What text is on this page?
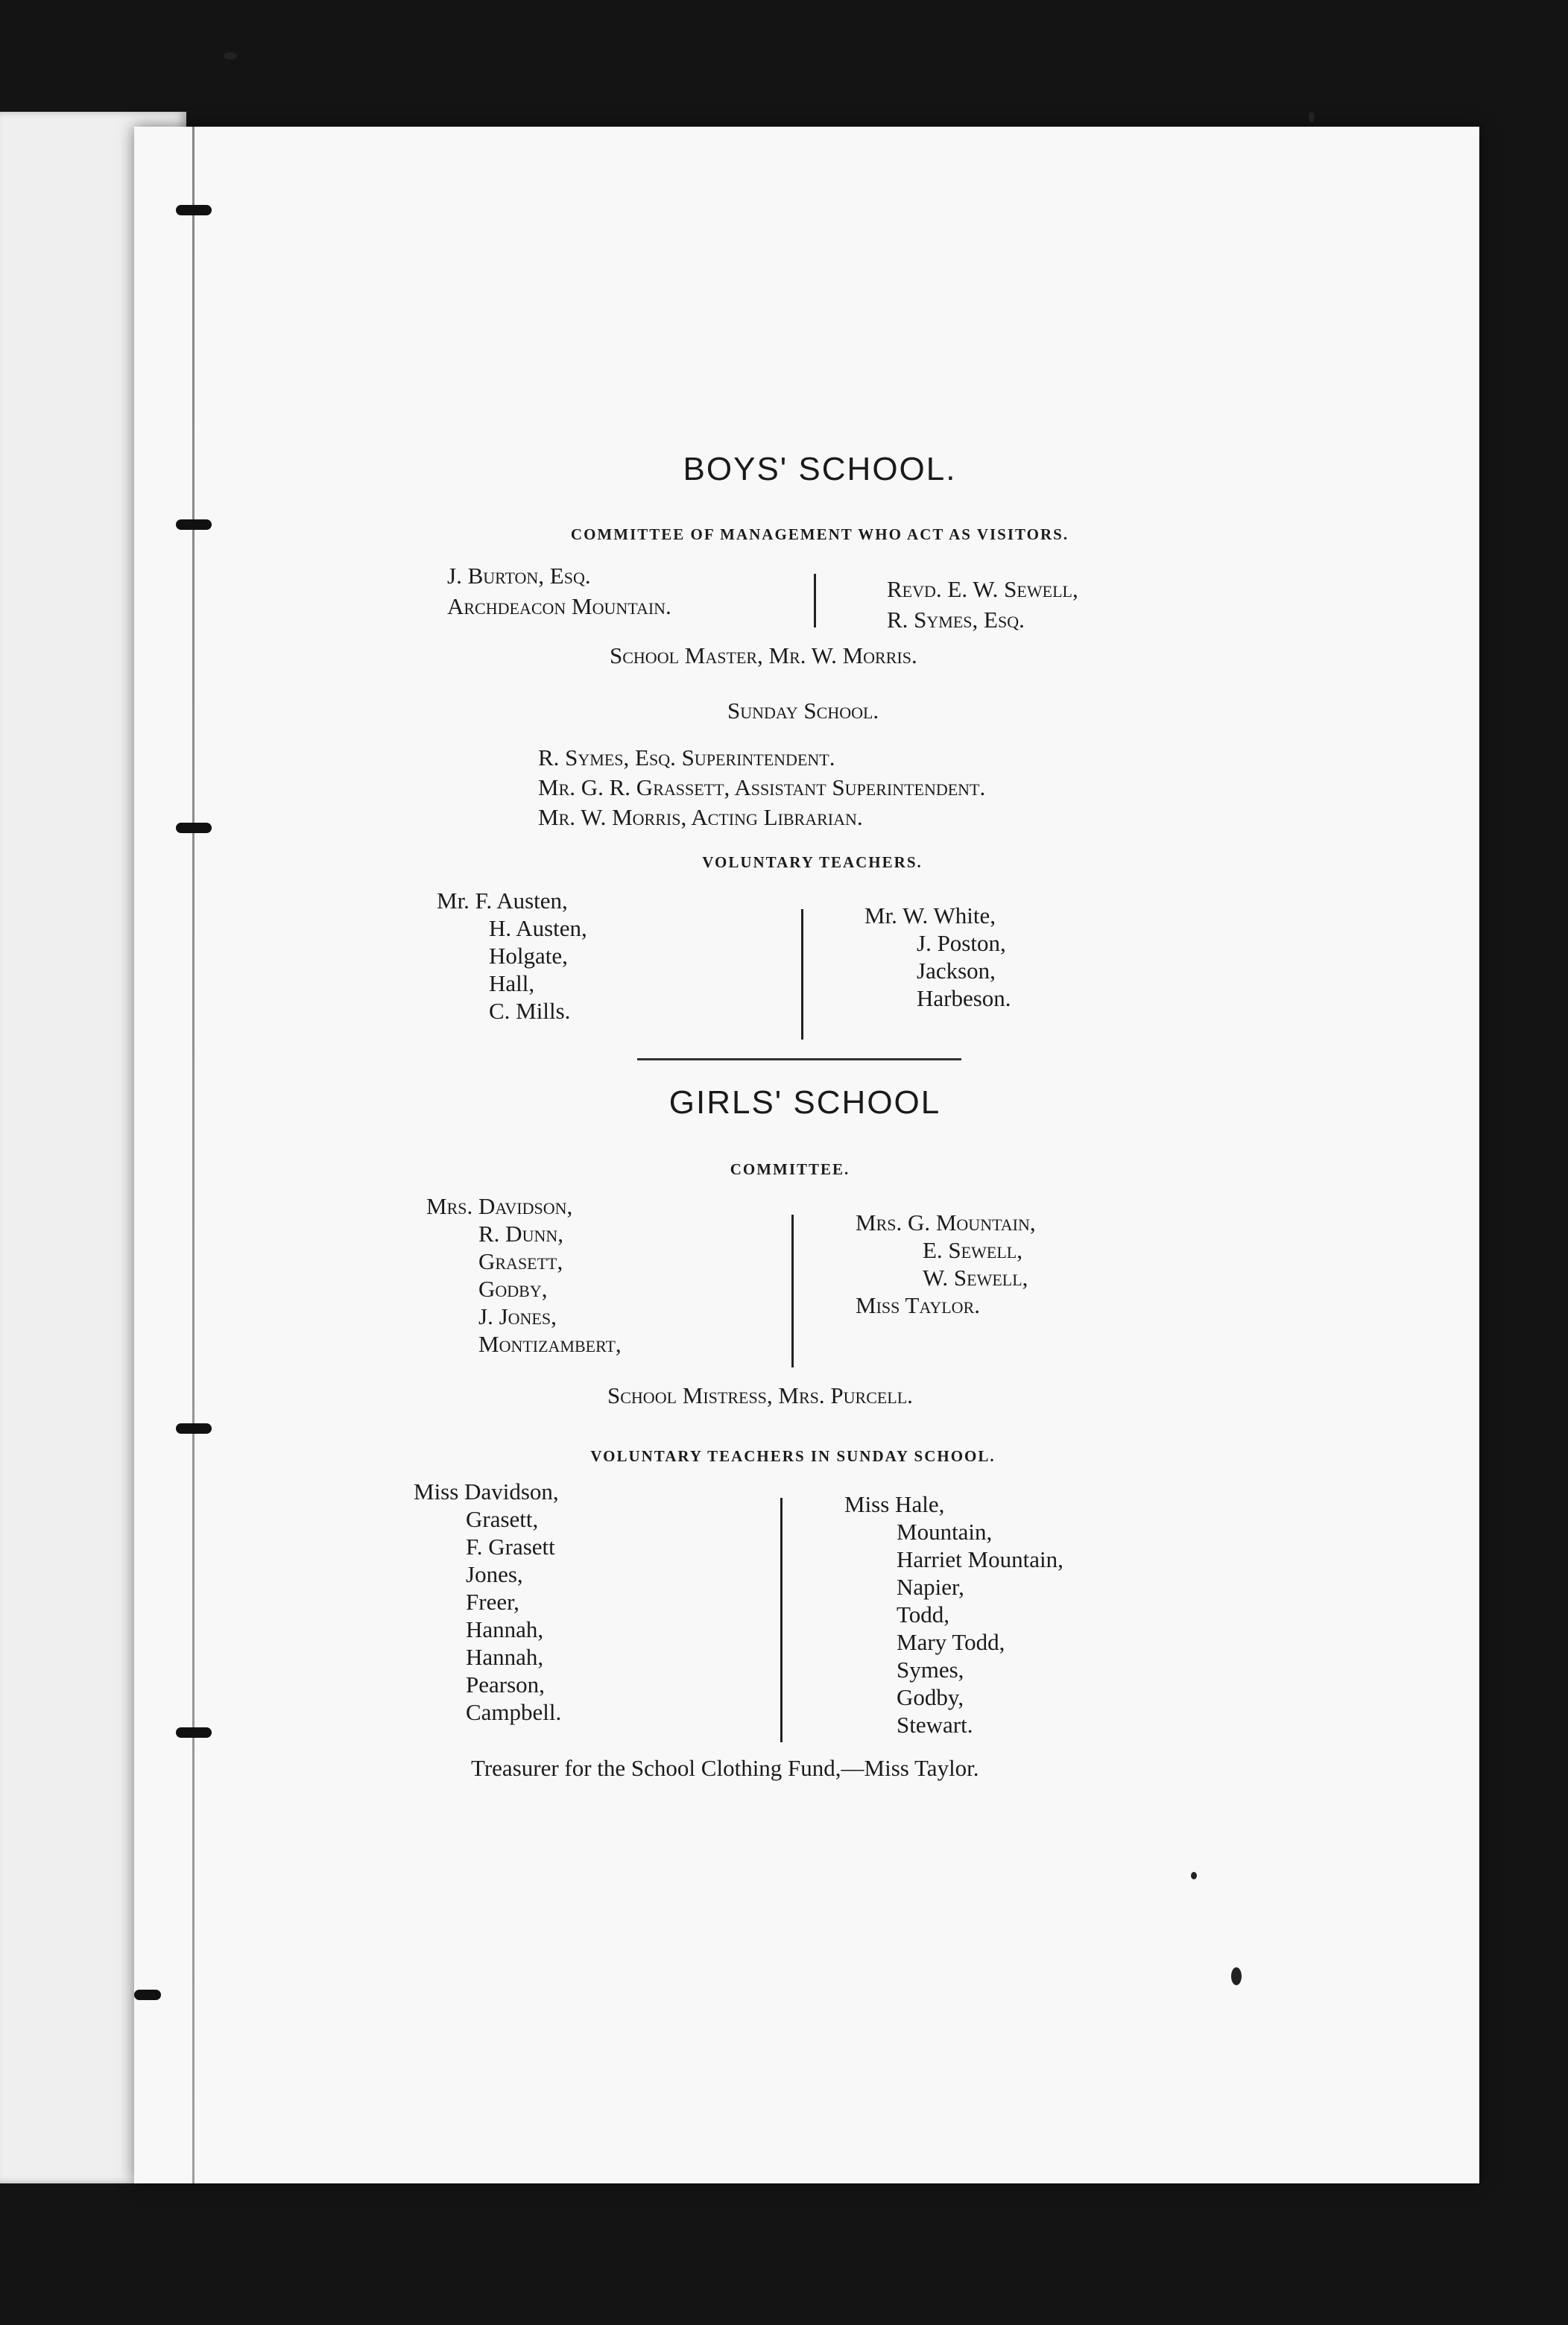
BOYS' SCHOOL.
COMMITTEE OF MANAGEMENT WHO ACT AS VISITORS.
J. Burton, Esq.
Archdeacon Mountain.
Revd. E. W. Sewell,
R. Symes, Esq.
School Master, Mr. W. Morris.
Sunday School.
R. Symes, Esq. Superintendent.
Mr. G. R. Grassett, Assistant Superintendent.
Mr. W. Morris, Acting Librarian.
VOLUNTARY TEACHERS.
Mr. F. Austen,
H. Austen,
Holgate,
Hall,
C. Mills.
Mr. W. White,
J. Poston,
Jackson,
Harbeson.
GIRLS' SCHOOL
COMMITTEE.
Mrs. Davidson,
R. Dunn,
Grasett,
Godby,
J. Jones,
Montizambert,
Mrs. G. Mountain,
E. Sewell,
W. Sewell,
Miss Taylor.
School Mistress, Mrs. Purcell.
VOLUNTARY TEACHERS IN SUNDAY SCHOOL.
Miss Davidson,
Grasett,
F. Grasett
Jones,
Freer,
Hannah,
Hannah,
Pearson,
Campbell.
Miss Hale,
Mountain,
Harriet Mountain,
Napier,
Todd,
Mary Todd,
Symes,
Godby,
Stewart.
Treasurer for the School Clothing Fund,—Miss Taylor.
